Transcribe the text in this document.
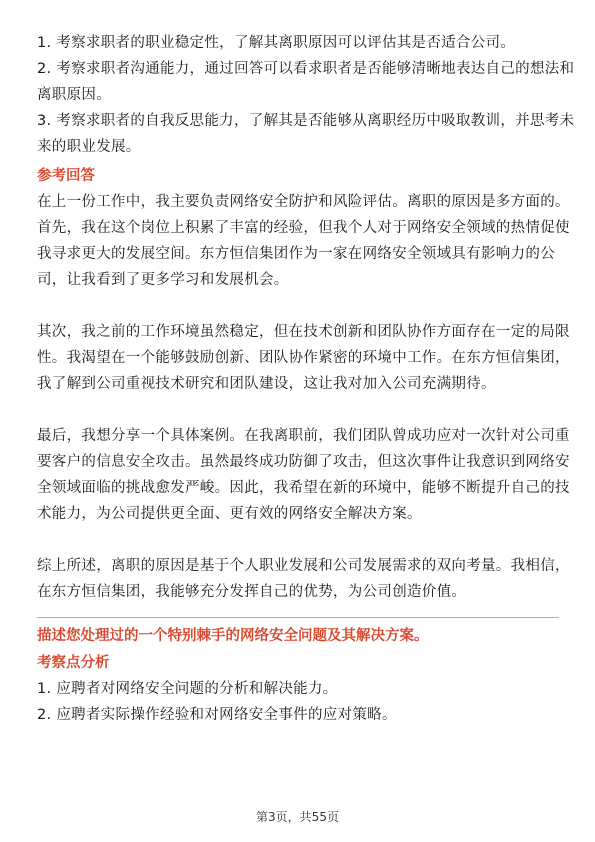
1. 考察求职者的职业稳定性，了解其离职原因可以评估其是否适合公司。

2. 考察求职者沟通能力，通过回答可以看求职者是否能够清晰地表达自己的想法和

离职原因。

3. 考察求职者的自我反思能力，了解其是否能够从离职经历中吸取教训，并思考未

来的职业发展。

参考回答

在上一份工作中，我主要负责网络安全防护和风险评估。离职的原因是多方面的。

首先，我在这个岗位上积累了丰富的经验，但我个人对于网络安全领域的热情促使

我寻求更大的发展空间。东方恒信集团作为一家在网络安全领域具有影响力的公

司，让我看到了更多学习和发展机会。

其次，我之前的工作环境虽然稳定，但在技术创新和团队协作方面存在一定的局限

性。我渴望在一个能够鼓励创新、团队协作紧密的环境中工作。在东方恒信集团，

我了解到公司重视技术研究和团队建设，这让我对加入公司充满期待。

最后，我想分享一个具体案例。在我离职前，我们团队曾成功应对一次针对公司重

要客户的信息安全攻击。虽然最终成功防御了攻击，但这次事件让我意识到网络安

全领域面临的挑战愈发严峻。因此，我希望在新的环境中，能够不断提升自己的技

术能力，为公司提供更全面、更有效的网络安全解决方案。

综上所述，离职的原因是基于个人职业发展和公司发展需求的双向考量。我相信，

在东方恒信集团，我能够充分发挥自己的优势，为公司创造价值。

描述您处理过的一个特别棘手的网络安全问题及其解决方案。

考察点分析

1. 应聘者对网络安全问题的分析和解决能力。

2. 应聘者实际操作经验和对网络安全事件的应对策略。

第3页，共55页
